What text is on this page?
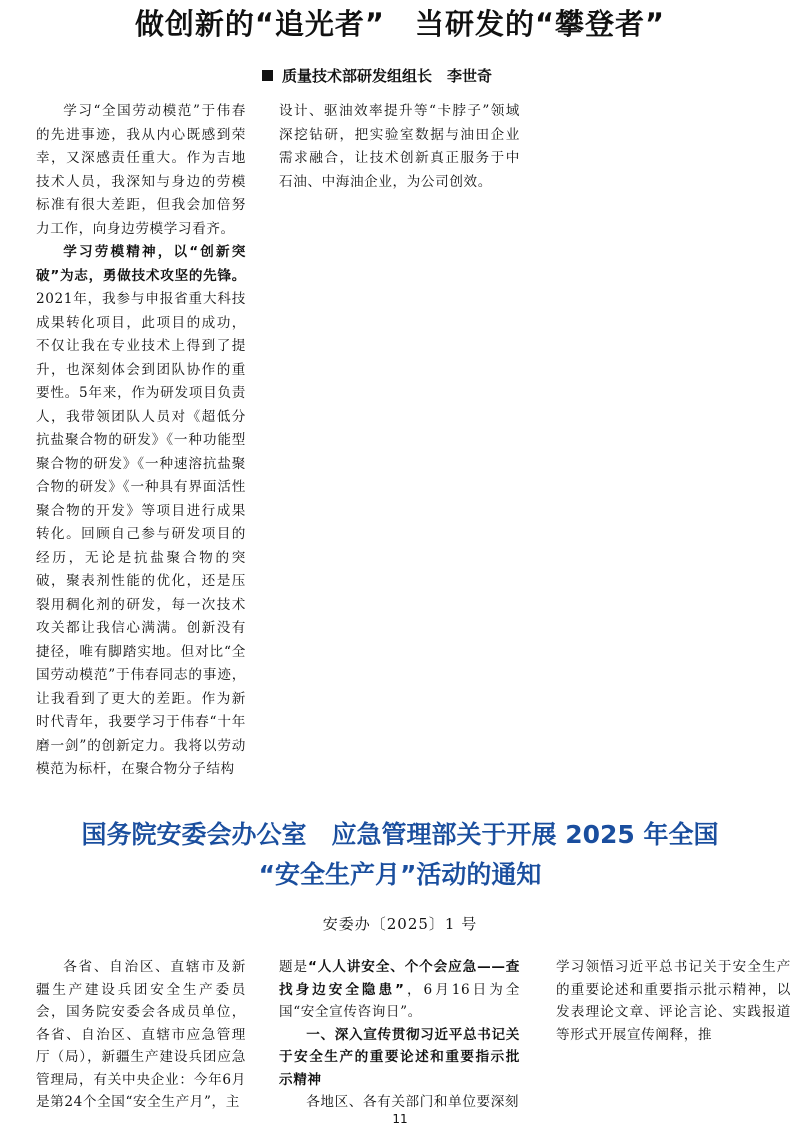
做创新的“追光者”　当研发的“攀登者”
质量技术部研发组组长　李世奇

学习“全国劳动模范”于伟春的先进事迹，我从内心既感到荣幸，又深感责任重大。作为吉地技术人员，我深知与身边的劳模标准有很大差距，但我会加倍努力工作，向身边劳模学习看齐。

学习劳模精神，以“创新突破”为志，勇做技术攻坚的先锋。2021年，我参与申报省重大科技成果转化项目，此项目的成功，不仅让我在专业技术上得到了提升，也深刻体会到团队协作的重要性。5年来，作为研发项目负责人，我带领团队人员对《超低分抗盐聚合物的研发》《一种功能型聚合物的研发》《一种速溶抗盐聚合物的研发》《一种具有界面活性聚合物的开发》等项目进行成果转化。回顾自己参与研发项目的经历，无论是抗盐聚合物的突破，聚表剂性能的优化，还是压裂用稠化剂的研发，每一次技术攻关都让我信心满满。创新没有捷径，唯有脚踏实地。但对比“全国劳动模范”于伟春同志的事迹，让我看到了更大的差距。作为新时代青年，我要学习于伟春“十年磨一剑”的创新定力。我将以劳动模范为标杆，在聚合物分子结构

设计、驱油效率提升等“卡脖子”领域深挖钻研，把实验室数据与油田企业需求融合，让技术创新真正服务于中石油、中海油企业，为公司创效。

国务院安委会办公室　应急管理部关于开展 2025 年全国
“安全生产月”活动的通知
安委办〔2025〕1 号

各省、自治区、直辖市及新疆生产建设兵团安全生产委员会，国务院安委会各成员单位，各省、自治区、直辖市应急管理厅（局），新疆生产建设兵团应急管理局，有关中央企业：今年6月是第24个全国“安全生产月”，主

题是“人人讲安全、个个会应急——查找身边安全隐患”，6月16日为全国“安全宣传咨询日”。

一、深入宣传贯彻习近平总书记关于安全生产的重要论述和重要指示批示精神

各地区、各有关部门和单位要深刻

学习领悟习近平总书记关于安全生产的重要论述和重要指示批示精神，以发表理论文章、评论言论、实践报道等形式开展宣传阐释，推

11
